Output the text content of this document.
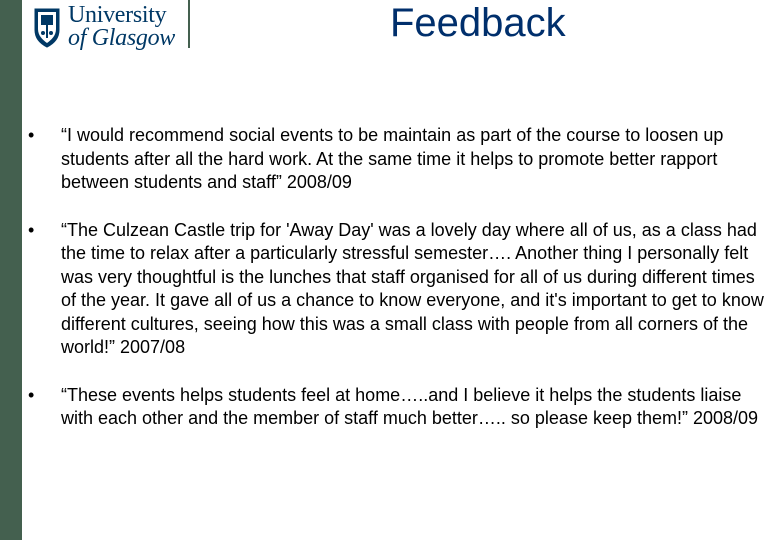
University
of Glasgow	Feedback
•	“I would recommend social events to be maintain as part of the course to loosen up students after all the hard work. At the same time it helps to promote better rapport between students and staff” 2008/09
•	“The Culzean Castle trip for 'Away Day' was a lovely day where all of us, as a class had the time to relax after a particularly stressful semester…. Another thing I personally felt was very thoughtful is the lunches that staff organised for all of us during different times of the year. It gave all of us a chance to know everyone, and it's important to get to know different cultures, seeing how this was a small class with people from all corners of the world!” 2007/08
•	“These events helps students feel at home…..and I believe it helps the students liaise with each other and the member of staff much better….. so please keep them!” 2008/09
